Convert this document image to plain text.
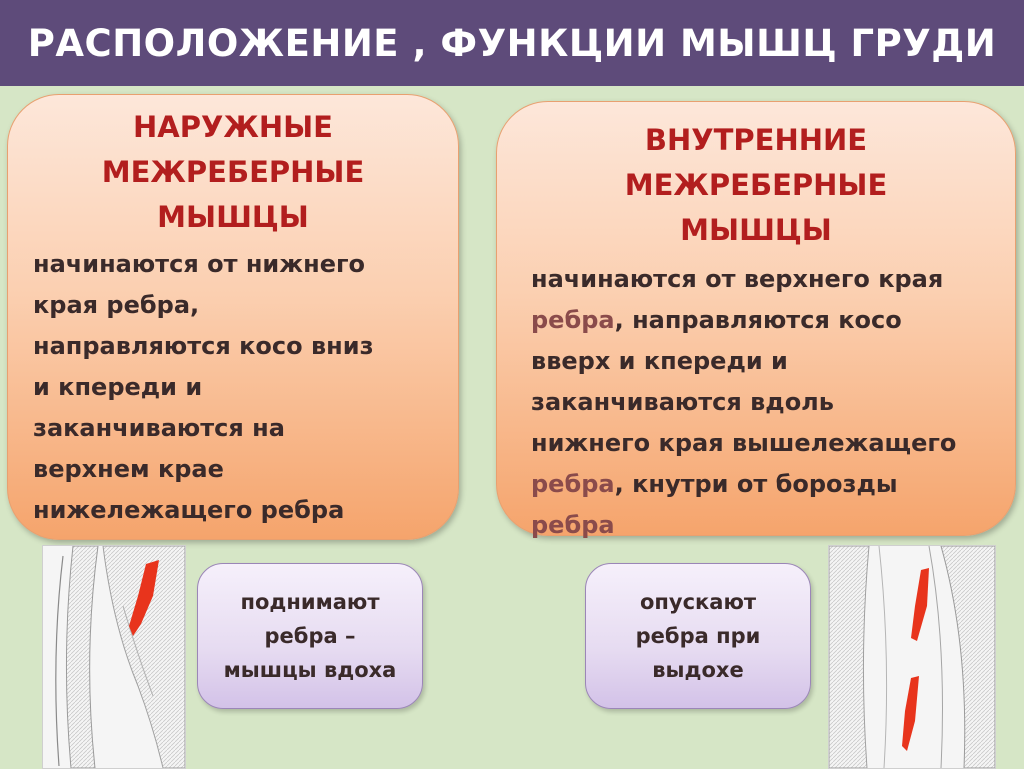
РАСПОЛОЖЕНИЕ , ФУНКЦИИ МЫШЦ ГРУДИ
НАРУЖНЫЕ
МЕЖРЕБЕРНЫЕ
МЫШЦЫ
начинаются от нижнего
края ребра,
направляются косо вниз
и кпереди и
заканчиваются на
верхнем крае
нижележащего ребра
ВНУТРЕННИЕ
МЕЖРЕБЕРНЫЕ
МЫШЦЫ
начинаются от верхнего края
ребра, направляются косо
вверх и кпереди и
заканчиваются вдоль
нижнего края вышележащего
ребра, кнутри от борозды
ребра
поднимают
ребра –
мышцы вдоха
опускают
ребра при
выдохе
